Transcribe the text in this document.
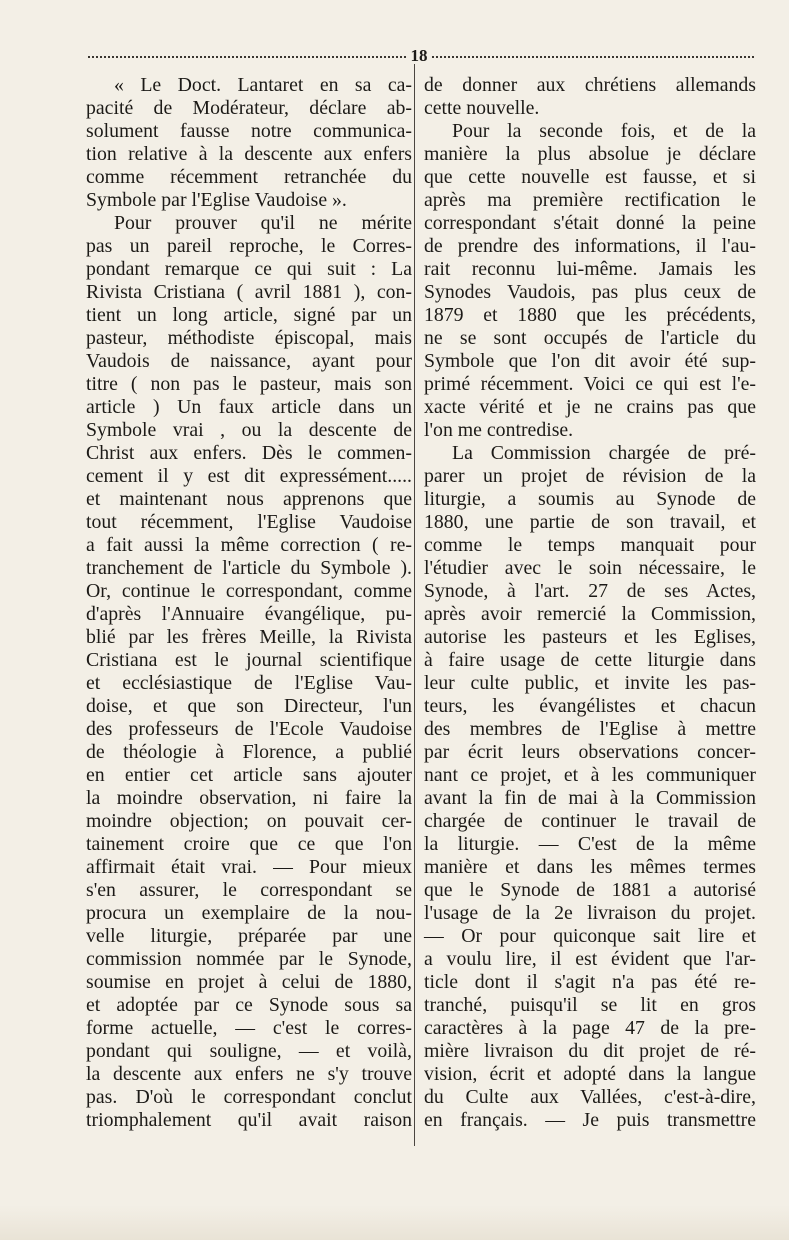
18
« Le Doct. Lantaret en sa ca-
pacité de Modérateur, déclare ab-
solument fausse notre communica-
tion relative à la descente aux enfers
comme récemment retranchée du
Symbole par l'Eglise Vaudoise ».
Pour prouver qu'il ne mérite
pas un pareil reproche, le Corres-
pondant remarque ce qui suit : La
Rivista Cristiana ( avril 1881 ), con-
tient un long article, signé par un
pasteur, méthodiste épiscopal, mais
Vaudois de naissance, ayant pour
titre ( non pas le pasteur, mais son
article ) Un faux article dans un
Symbole vrai , ou la descente de
Christ aux enfers. Dès le commen-
cement il y est dit expressément.....
et maintenant nous apprenons que
tout récemment, l'Eglise Vaudoise
a fait aussi la même correction ( re-
tranchement de l'article du Symbole ).
Or, continue le correspondant, comme
d'après l'Annuaire évangélique, pu-
blié par les frères Meille, la Rivista
Cristiana est le journal scientifique
et ecclésiastique de l'Eglise Vau-
doise, et que son Directeur, l'un
des professeurs de l'Ecole Vaudoise
de théologie à Florence, a publié
en entier cet article sans ajouter
la moindre observation, ni faire la
moindre objection; on pouvait cer-
tainement croire que ce que l'on
affirmait était vrai. — Pour mieux
s'en assurer, le correspondant se
procura un exemplaire de la nou-
velle liturgie, préparée par une
commission nommée par le Synode,
soumise en projet à celui de 1880,
et adoptée par ce Synode sous sa
forme actuelle, — c'est le corres-
pondant qui souligne, — et voilà,
la descente aux enfers ne s'y trouve
pas. D'où le correspondant conclut
triomphalement qu'il avait raison
de donner aux chrétiens allemands
cette nouvelle.
Pour la seconde fois, et de la
manière la plus absolue je déclare
que cette nouvelle est fausse, et si
après ma première rectification le
correspondant s'était donné la peine
de prendre des informations, il l'au-
rait reconnu lui-même. Jamais les
Synodes Vaudois, pas plus ceux de
1879 et 1880 que les précédents,
ne se sont occupés de l'article du
Symbole que l'on dit avoir été sup-
primé récemment. Voici ce qui est l'e-
xacte vérité et je ne crains pas que
l'on me contredise.
La Commission chargée de pré-
parer un projet de révision de la
liturgie, a soumis au Synode de
1880, une partie de son travail, et
comme le temps manquait pour
l'étudier avec le soin nécessaire, le
Synode, à l'art. 27 de ses Actes,
après avoir remercié la Commission,
autorise les pasteurs et les Eglises,
à faire usage de cette liturgie dans
leur culte public, et invite les pas-
teurs, les évangélistes et chacun
des membres de l'Eglise à mettre
par écrit leurs observations concer-
nant ce projet, et à les communiquer
avant la fin de mai à la Commission
chargée de continuer le travail de
la liturgie. — C'est de la même
manière et dans les mêmes termes
que le Synode de 1881 a autorisé
l'usage de la 2e livraison du projet.
— Or pour quiconque sait lire et
a voulu lire, il est évident que l'ar-
ticle dont il s'agit n'a pas été re-
tranché, puisqu'il se lit en gros
caractères à la page 47 de la pre-
mière livraison du dit projet de ré-
vision, écrit et adopté dans la langue
du Culte aux Vallées, c'est-à-dire,
en français. — Je puis transmettre
